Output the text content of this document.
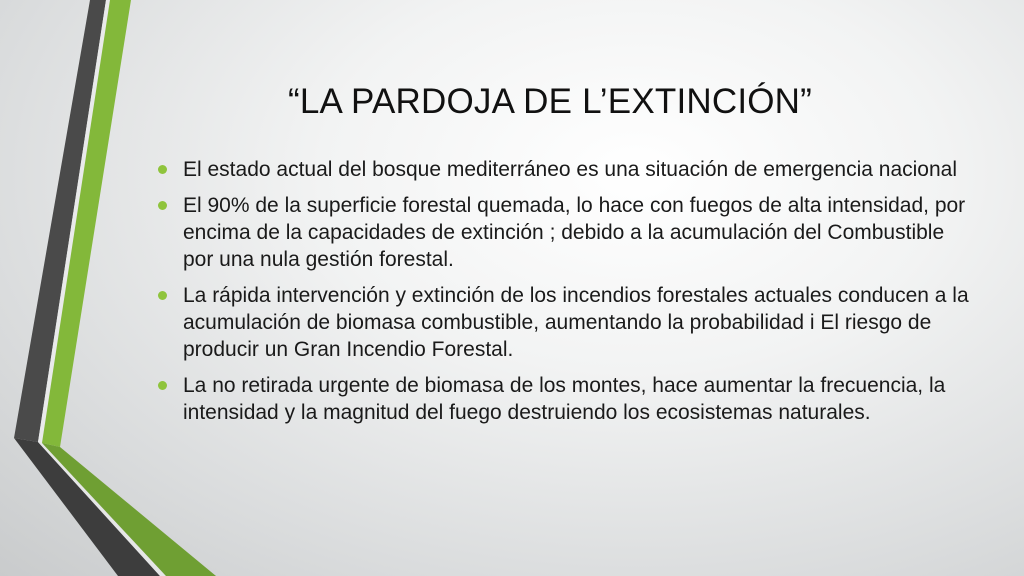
“LA PARDOJA DE L’EXTINCIÓN”
El estado actual del bosque mediterráneo es una situación de emergencia nacional
El 90% de la superficie forestal quemada, lo hace con fuegos de alta intensidad, por encima de la capacidades de extinción ; debido a la acumulación del Combustible por una nula gestión forestal.
La rápida intervención y extinción de los incendios forestales actuales conducen a la acumulación de biomasa combustible, aumentando la probabilidad i El riesgo de producir un Gran Incendio Forestal.
La no retirada urgente de biomasa de los montes, hace aumentar la frecuencia, la intensidad y la magnitud del fuego destruiendo los ecosistemas naturales.
